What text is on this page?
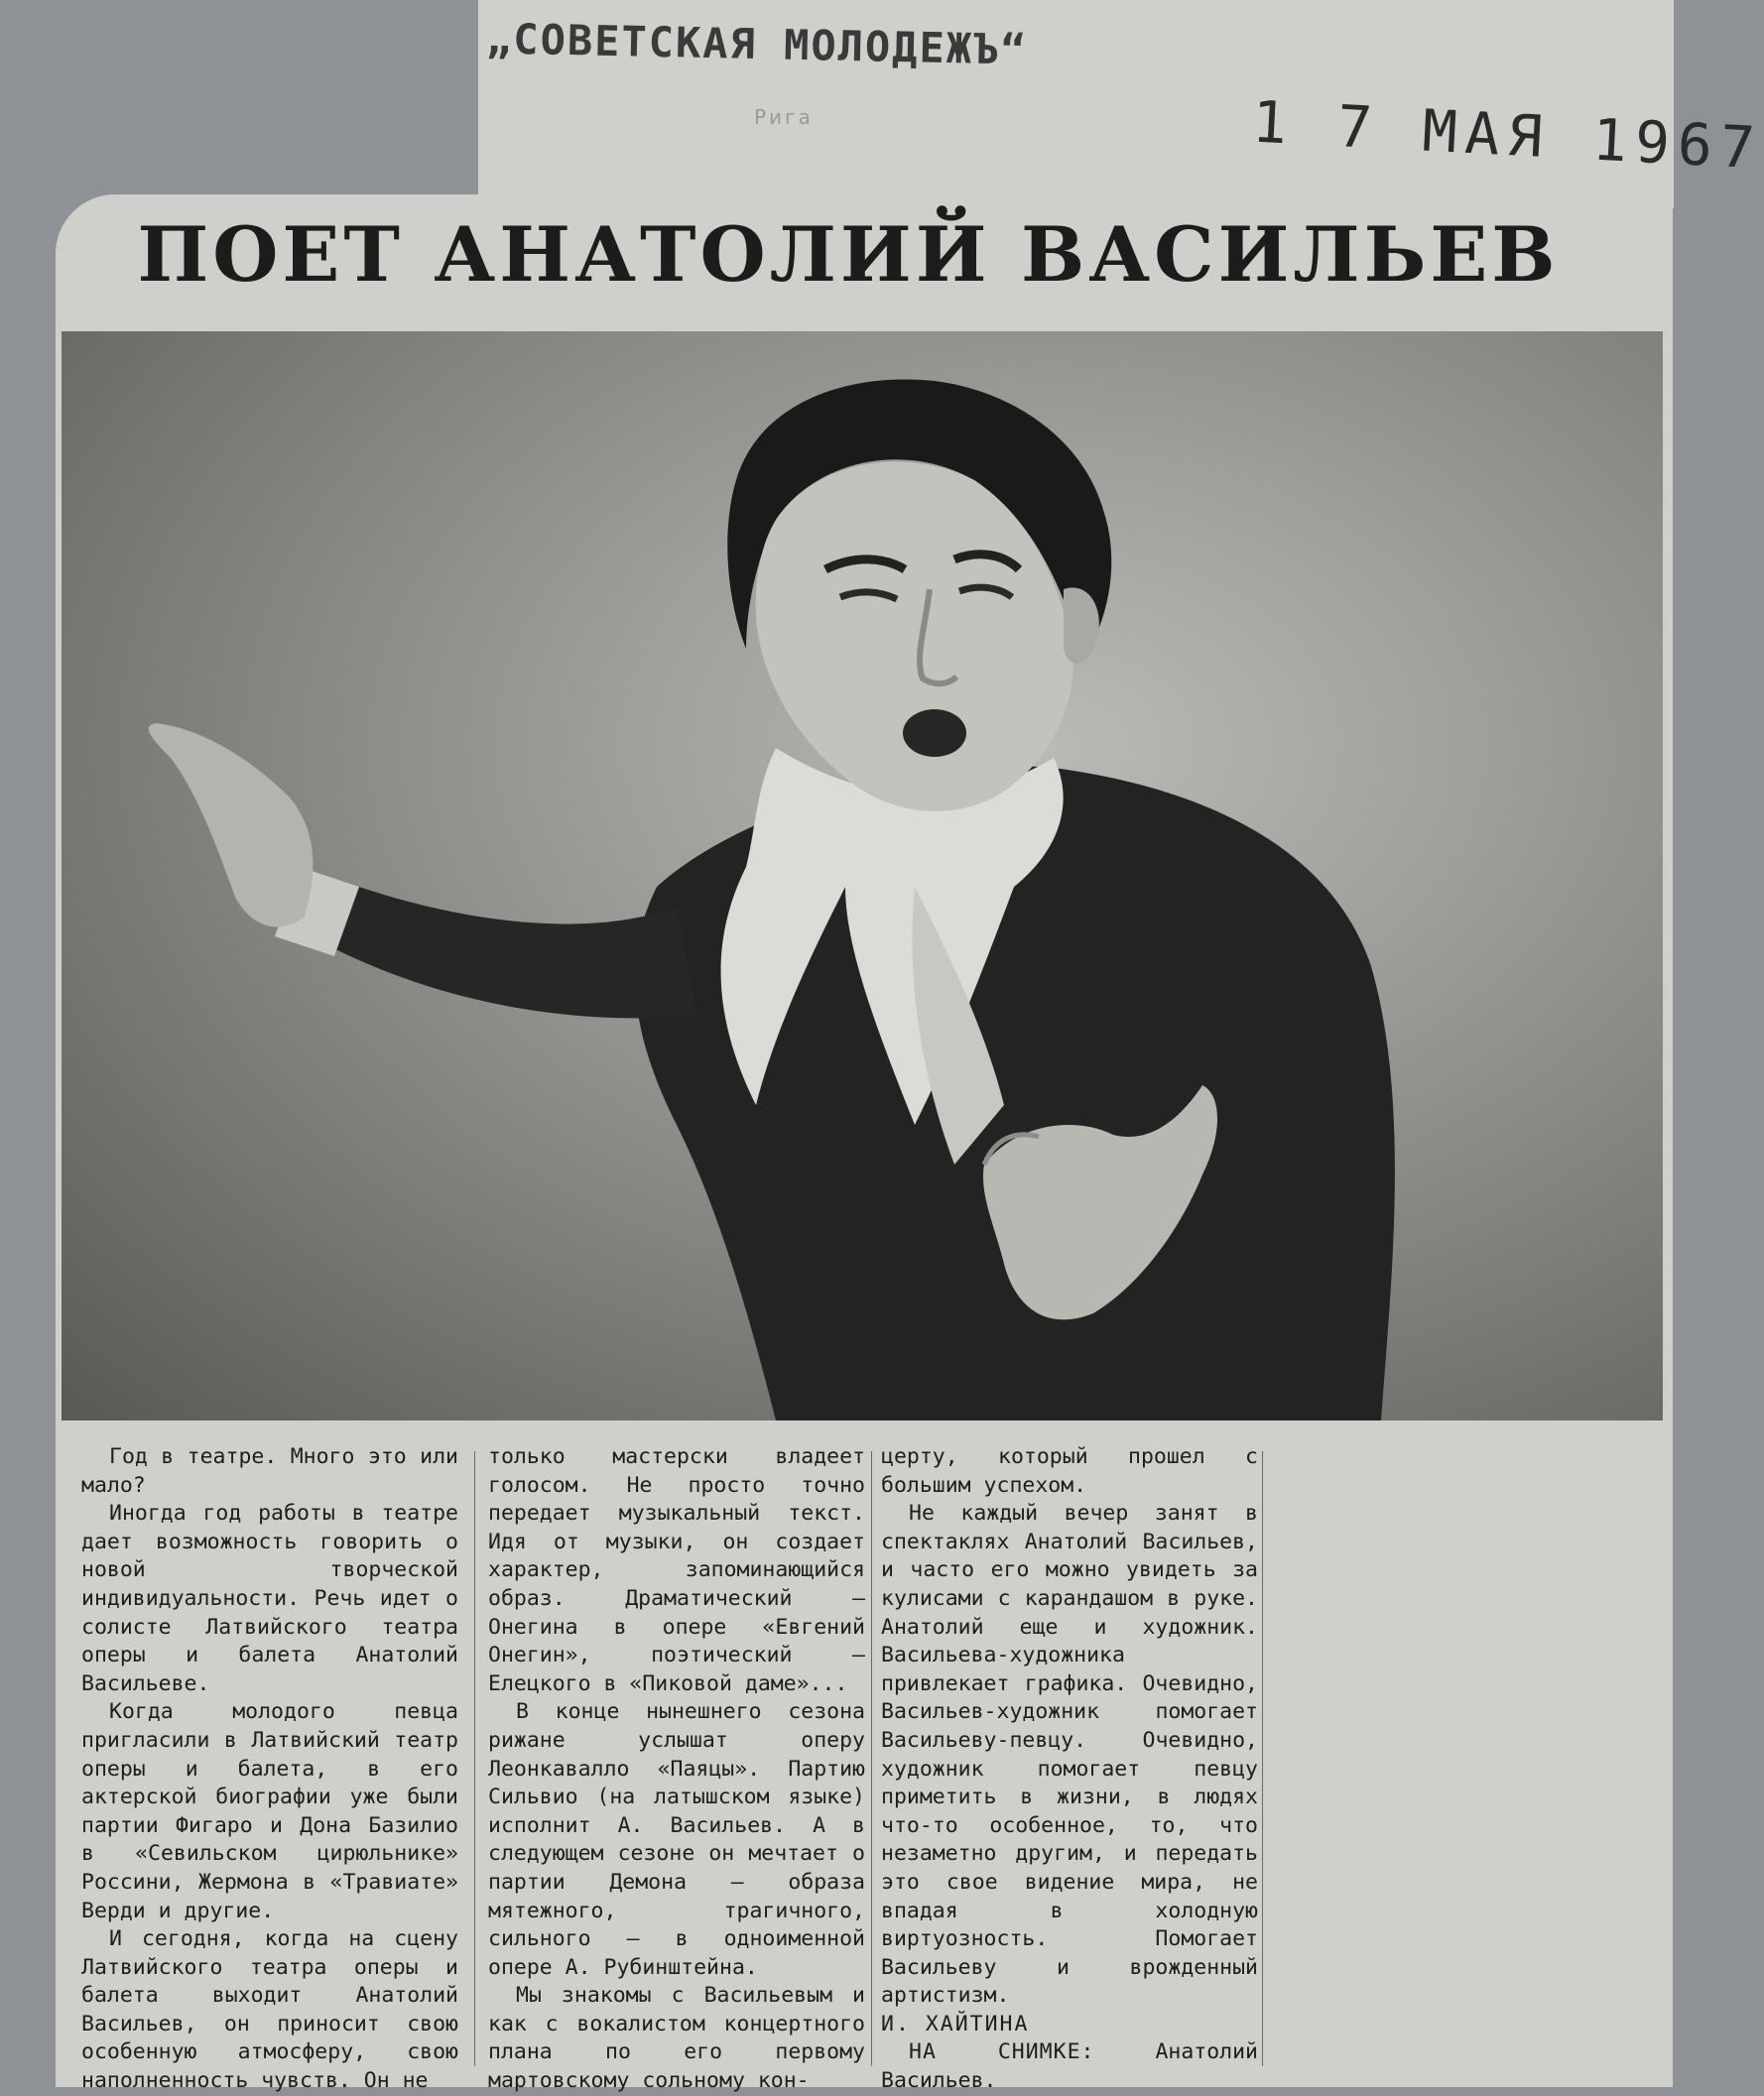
„СОВЕТСКАЯ МОЛОДЕЖЪ“
Рига	1 7 МАЯ 1967
ПОЕТ АНАТОЛИЙ ВАСИЛЬЕВ

Год в театре. Много это или мало?

Иногда год работы в театре дает возможность говорить о новой творческой индивидуальности. Речь идет о солисте Латвийского театра оперы и балета Анатолий Васильеве.

Когда молодого певца пригласили в Латвийский театр оперы и балета, в его актерской биографии уже были партии Фигаро и Дона Базилио в «Севильском цирюльнике» Россини, Жермона в «Травиате» Верди и другие.

И сегодня, когда на сцену Латвийского театра оперы и балета выходит Анатолий Васильев, он приносит свою особенную атмосферу, свою наполненность чувств. Он не

только мастерски владеет голосом. Не просто точно передает музыкальный текст. Идя от музыки, он создает характер, запоминающийся образ. Драматический — Онегина в опере «Евгений Онегин», поэтический — Елецкого в «Пиковой даме»...

В конце нынешнего сезона рижане услышат оперу Леонкавалло «Паяцы». Партию Сильвио (на латышском языке) исполнит А. Васильев. А в следующем сезоне он мечтает о партии Демона — образа мятежного, трагичного, сильного — в одноименной опере А. Рубинштейна.

Мы знакомы с Васильевым и как с вокалистом концертного плана по его первому мартовскому сольному кон-

церту, который прошел с большим успехом.

Не каждый вечер занят в спектаклях Анатолий Васильев, и часто его можно увидеть за кулисами с карандашом в руке. Анатолий еще и художник. Васильева-художника привлекает графика. Очевидно, Васильев-художник помогает Васильеву-певцу. Очевидно, художник помогает певцу приметить в жизни, в людях что-то особенное, то, что незаметно другим, и передать это свое видение мира, не впадая в холодную виртуозность. Помогает Васильеву и врожденный артистизм.

И. ХАЙТИНА

НА СНИМКЕ:	Анатолий Васильев.
